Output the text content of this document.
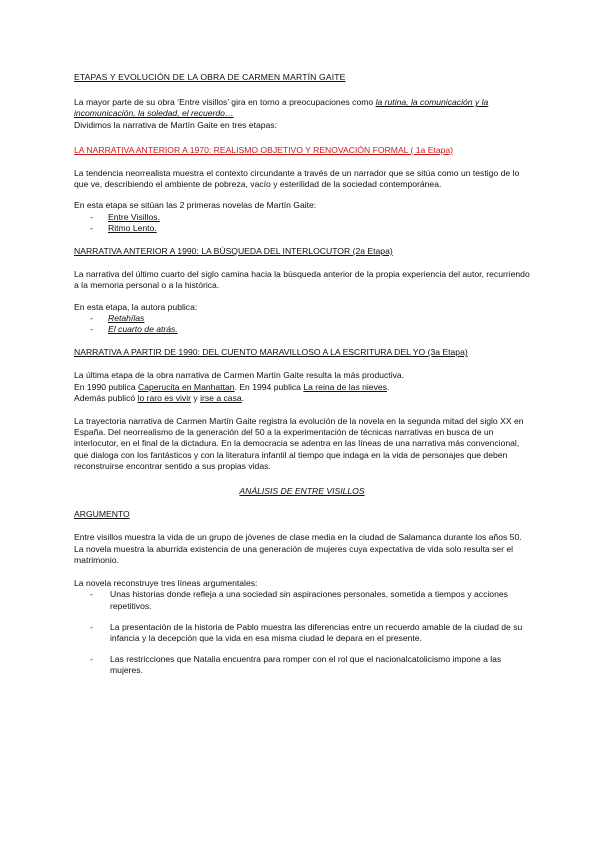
ETAPAS Y EVOLUCIÓN DE LA OBRA DE CARMEN MARTÍN GAITE

La mayor parte de su obra ‘Entre visillos’ gira en torno a preocupaciones como la rutina, la comunicación y la incomunicación, la soledad, el recuerdo…

Dividimos la narrativa de Martín Gaite en tres etapas:

LA NARRATIVA ANTERIOR A 1970: REALISMO OBJETIVO Y RENOVACIÓN FORMAL ( 1a Etapa)

La tendencia neorrealista muestra el contexto circundante a través de un narrador que se sitúa como un testigo de lo que ve, describiendo el ambiente de pobreza, vacío y esterilidad de la sociedad contemporánea.

En esta etapa se sitúan las 2 primeras novelas de Martín Gaite:

- Entre Visillos.
- Ritmo Lento.

NARRATIVA ANTERIOR A 1990: LA BÚSQUEDA DEL INTERLOCUTOR (2a Etapa)

La narrativa del último cuarto del siglo camina hacia la búsqueda anterior de la propia experiencia del autor, recurriendo a la memoria personal o a la histórica.

En esta etapa, la autora publica:

- Retahílas
- El cuarto de atrás.

NARRATIVA A PARTIR DE 1990: DEL CUENTO MARAVILLOSO A LA ESCRITURA DEL YO (3a Etapa)

La última etapa de la obra narrativa de Carmen Martín Gaite resulta la más productiva.

En 1990 publica Caperucita en Manhattan. En 1994 publica La reina de las nieves.

Además publicó lo raro es vivir y irse a casa.

La trayectoria narrativa de Carmen Martín Gaite registra la evolución de la novela en la segunda mitad del siglo XX en España. Del neorrealismo de la generación del 50 a la experimentación de técnicas narrativas en busca de un interlocutor, en el final de la dictadura. En la democracia se adentra en las líneas de una narrativa más convencional, que dialoga con los fantásticos y con la literatura infantil al tiempo que indaga en la vida de personajes que deben reconstruirse encontrar sentido a sus propias vidas.

ANÁLISIS DE ENTRE VISILLOS

ARGUMENTO

Entre visillos muestra la vida de un grupo de jóvenes de clase media en la ciudad de Salamanca durante los años 50. La novela muestra la aburrida existencia de una generación de mujeres cuya expectativa de vida solo resulta ser el matrimonio.

La novela reconstruye tres líneas argumentales:

- Unas historias donde refleja a una sociedad sin aspiraciones personales, sometida a tiempos y acciones repetitivos.
- La presentación de la historia de Pablo muestra las diferencias entre un recuerdo amable de la ciudad de su infancia y la decepción que la vida en esa misma ciudad le depara en el presente.
- Las restricciones que Natalia encuentra para romper con el rol que el nacionalcatolicismo impone a las mujeres.
